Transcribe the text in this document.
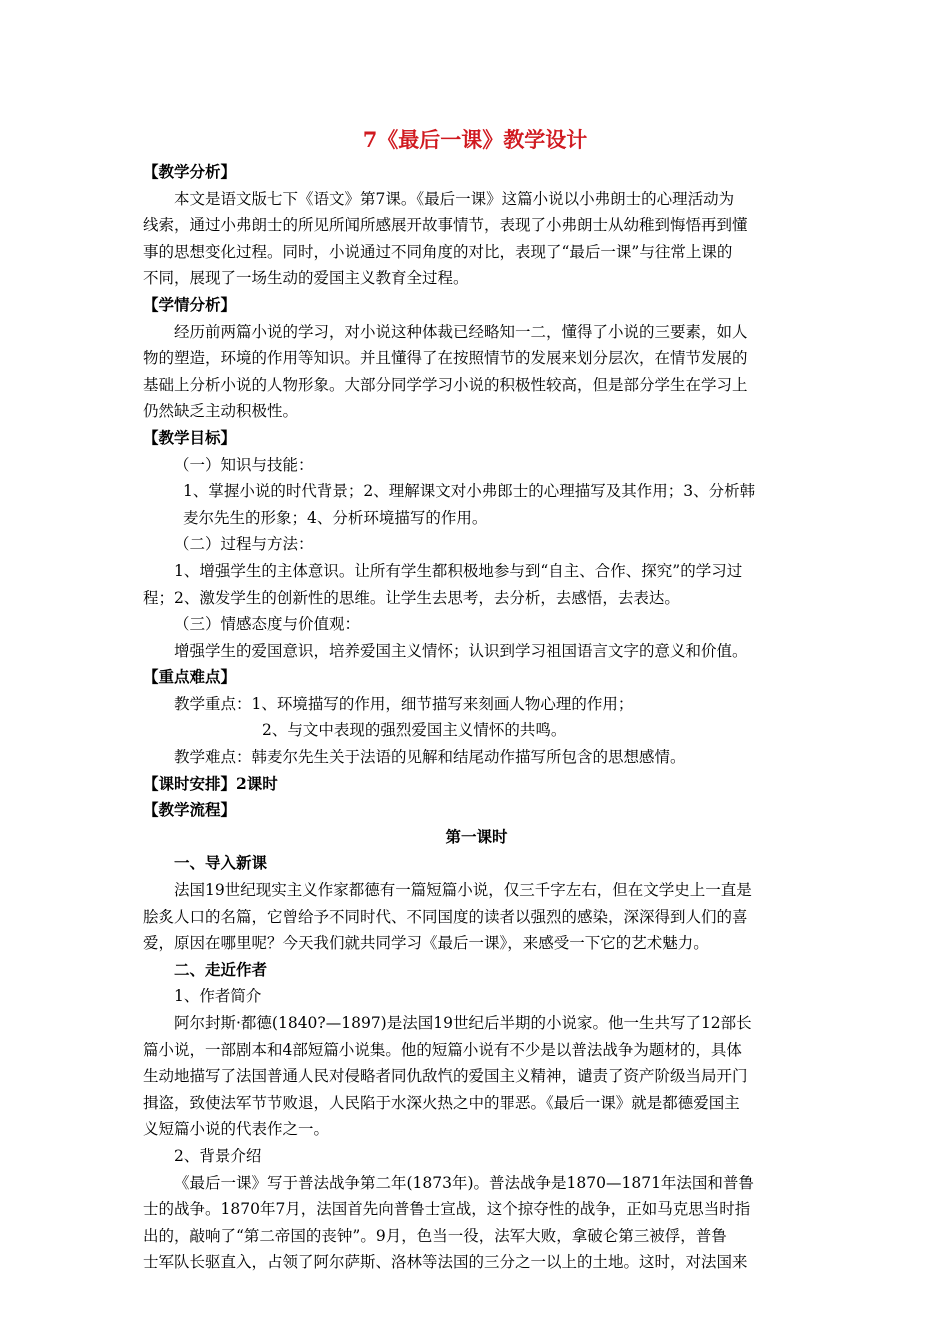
7《最后一课》教学设计
【教学分析】
本文是语文版七下《语文》第7课。《最后一课》这篇小说以小弗朗士的心理活动为
线索，通过小弗朗士的所见所闻所感展开故事情节，表现了小弗朗士从幼稚到悔悟再到懂
事的思想变化过程。同时，小说通过不同角度的对比，表现了“最后一课”与往常上课的
不同，展现了一场生动的爱国主义教育全过程。
【学情分析】
经历前两篇小说的学习，对小说这种体裁已经略知一二，懂得了小说的三要素，如人
物的塑造，环境的作用等知识。并且懂得了在按照情节的发展来划分层次，在情节发展的
基础上分析小说的人物形象。大部分同学学习小说的积极性较高，但是部分学生在学习上
仍然缺乏主动积极性。
【教学目标】
（一）知识与技能：
1、掌握小说的时代背景；2、理解课文对小弗郎士的心理描写及其作用；3、分析韩
麦尔先生的形象；4、分析环境描写的作用。
（二）过程与方法：
1、增强学生的主体意识。让所有学生都积极地参与到“自主、合作、探究”的学习过
程；2、激发学生的创新性的思维。让学生去思考，去分析，去感悟，去表达。
（三）情感态度与价值观：
增强学生的爱国意识，培养爱国主义情怀；认识到学习祖国语言文字的意义和价值。
【重点难点】
教学重点：1、环境描写的作用，细节描写来刻画人物心理的作用；
2、与文中表现的强烈爱国主义情怀的共鸣。
教学难点：韩麦尔先生关于法语的见解和结尾动作描写所包含的思想感情。
【课时安排】2课时
【教学流程】
第一课时
一、导入新课
法国19世纪现实主义作家都德有一篇短篇小说，仅三千字左右，但在文学史上一直是
脍炙人口的名篇，它曾给予不同时代、不同国度的读者以强烈的感染，深深得到人们的喜
爱，原因在哪里呢？今天我们就共同学习《最后一课》，来感受一下它的艺术魅力。
二、走近作者
1、作者简介
阿尔封斯·都德(1840?—1897)是法国19世纪后半期的小说家。他一生共写了12部长
篇小说，一部剧本和4部短篇小说集。他的短篇小说有不少是以普法战争为题材的，具体
生动地描写了法国普通人民对侵略者同仇敌忾的爱国主义精神，谴责了资产阶级当局开门
揖盗，致使法军节节败退，人民陷于水深火热之中的罪恶。《最后一课》就是都德爱国主
义短篇小说的代表作之一。
2、背景介绍
《最后一课》写于普法战争第二年(1873年)。普法战争是1870—1871年法国和普鲁
士的战争。1870年7月，法国首先向普鲁士宣战，这个掠夺性的战争，正如马克思当时指
出的，敲响了“第二帝国的丧钟”。9月，色当一役，法军大败，拿破仑第三被俘，普鲁
士军队长驱直入，占领了阿尔萨斯、洛林等法国的三分之一以上的土地。这时，对法国来
